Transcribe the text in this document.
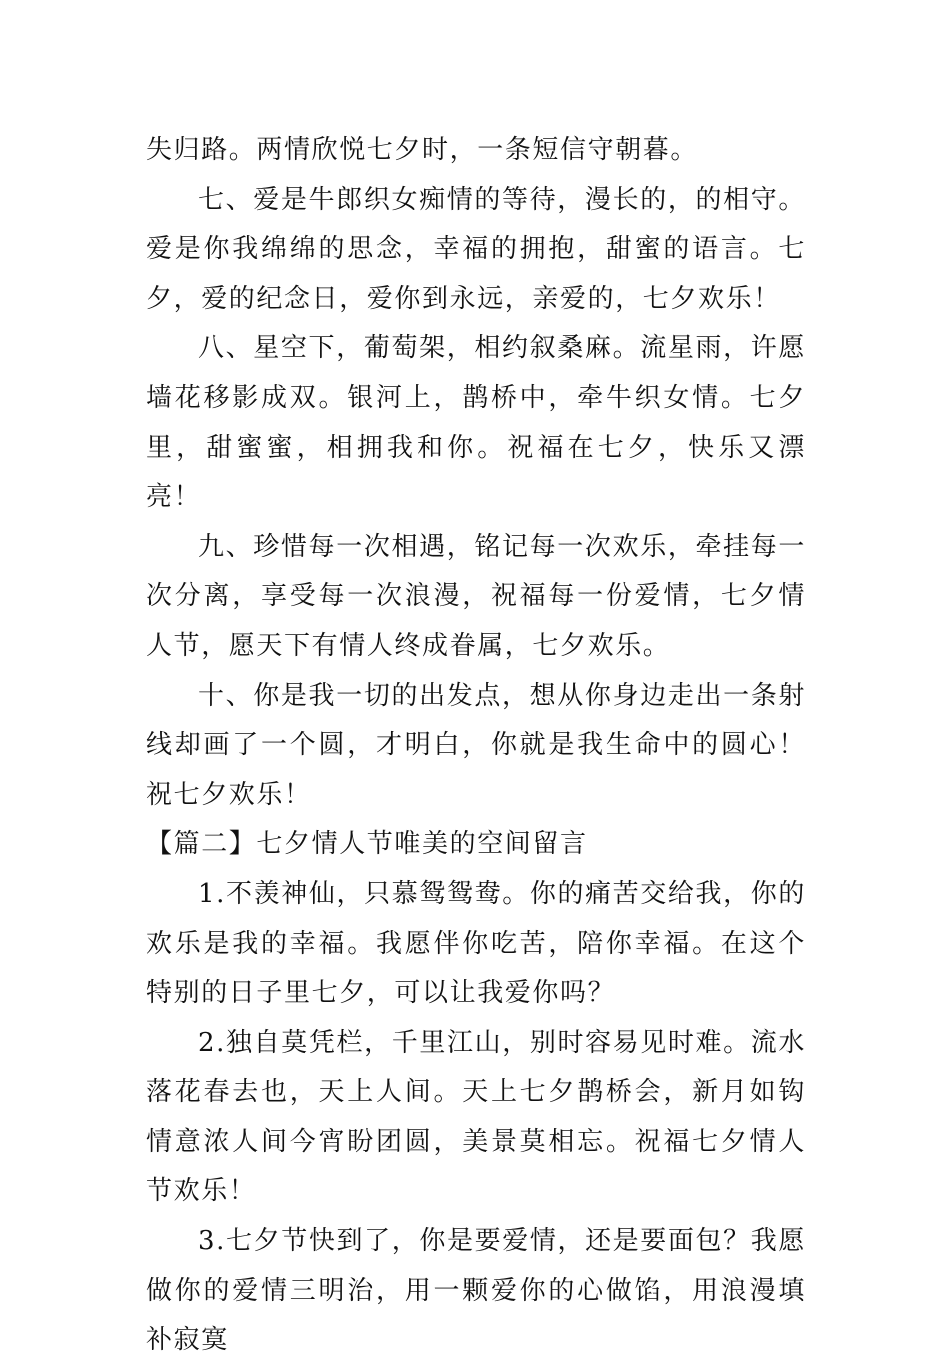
失归路。两情欣悦七夕时，一条短信守朝暮。

七、爱是牛郎织女痴情的等待，漫长的，的相守。爱是你我绵绵的思念，幸福的拥抱，甜蜜的语言。七夕，爱的纪念日，爱你到永远，亲爱的，七夕欢乐！

八、星空下，葡萄架，相约叙桑麻。流星雨，许愿墙花移影成双。银河上，鹊桥中，牵牛织女情。七夕里，甜蜜蜜，相拥我和你。祝福在七夕，快乐又漂亮！

九、珍惜每一次相遇，铭记每一次欢乐，牵挂每一次分离，享受每一次浪漫，祝福每一份爱情，七夕情人节，愿天下有情人终成眷属，七夕欢乐。

十、你是我一切的出发点，想从你身边走出一条射线却画了一个圆，才明白，你就是我生命中的圆心！祝七夕欢乐！

【篇二】七夕情人节唯美的空间留言

1.不羡神仙，只慕鸳鸳鸯。你的痛苦交给我，你的欢乐是我的幸福。我愿伴你吃苦，陪你幸福。在这个特别的日子里七夕，可以让我爱你吗？

2.独自莫凭栏，千里江山，别时容易见时难。流水落花春去也，天上人间。天上七夕鹊桥会，新月如钩情意浓人间今宵盼团圆，美景莫相忘。祝福七夕情人节欢乐！

3.七夕节快到了，你是要爱情，还是要面包？我愿做你的爱情三明治，用一颗爱你的心做馅，用浪漫填补寂寞
